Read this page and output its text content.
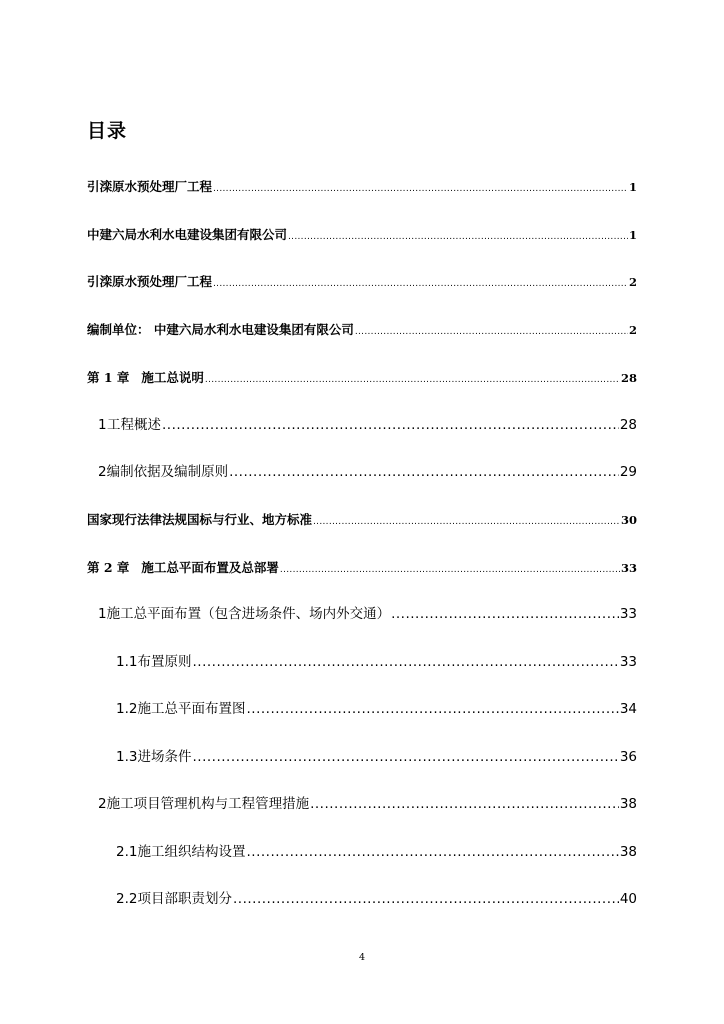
目录
引滦原水预处理厂工程 .....	1
中建六局水利水电建设集团有限公司 .....	1
引滦原水预处理厂工程 .....	2
编制单位： 中建六局水利水电建设集团有限公司 .....	2
第 1 章 施工总说明 .....	28
1 工程概述 .....	28
2 编制依据及编制原则 .....	29
国家现行法律法规国标与行业、地方标准 .....	30
第 2 章 施工总平面布置及总部署 .....	33
1 施工总平面布置（包含进场条件、场内外交通） .....	33
1.1 布置原则 .....	33
1.2 施工总平面布置图 .....	34
1.3 进场条件 .....	36
2 施工项目管理机构与工程管理措施 .....	38
2.1 施工组织结构设置 .....	38
2.2 项目部职责划分 .....	40
4
